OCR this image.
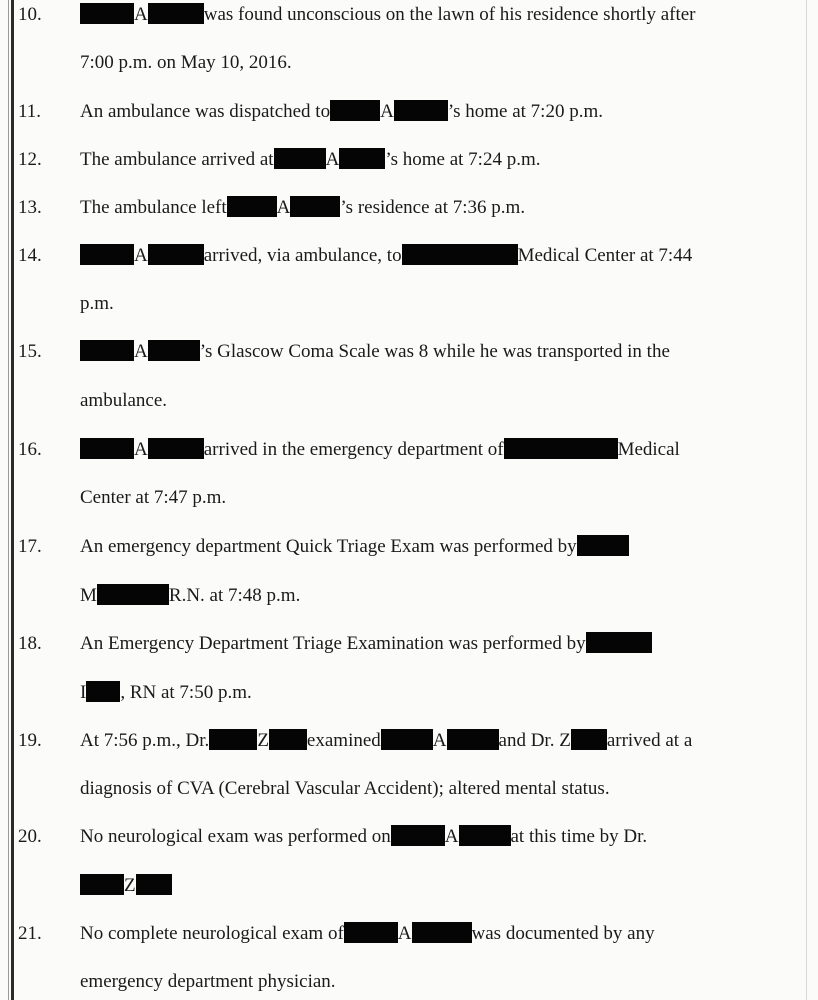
10.	A	was found unconscious on the lawn of his residence shortly after
7:00 p.m. on May 10, 2016.
11. An ambulance was dispatched to	A	’s home at 7:20 p.m.
12. The ambulance arrived at	A ’s home at 7:24 p.m.
13. The ambulance left	A	’s residence at 7:36 p.m.
14.	A	arrived, via ambulance, to	Medical Center at 7:44
p.m.
15.	A	’s Glascow Coma Scale was 8 while he was transported in the
ambulance.
16.	A	arrived in the emergency department of	Medical
Center at 7:47 p.m.
17. An emergency department Quick Triage Exam was performed by
M	R.N. at 7:48 p.m.
18. An Emergency Department Triage Examination was performed by
I , RN at 7:50 p.m.
19. At 7:56 p.m., Dr.	Z examined	A	and Dr. Z arrived at a
diagnosis of CVA (Cerebral Vascular Accident); altered mental status.
20. No neurological exam was performed on	A	at this time by Dr.
Z
21. No complete neurological exam of	A	was documented by any
emergency department physician.
